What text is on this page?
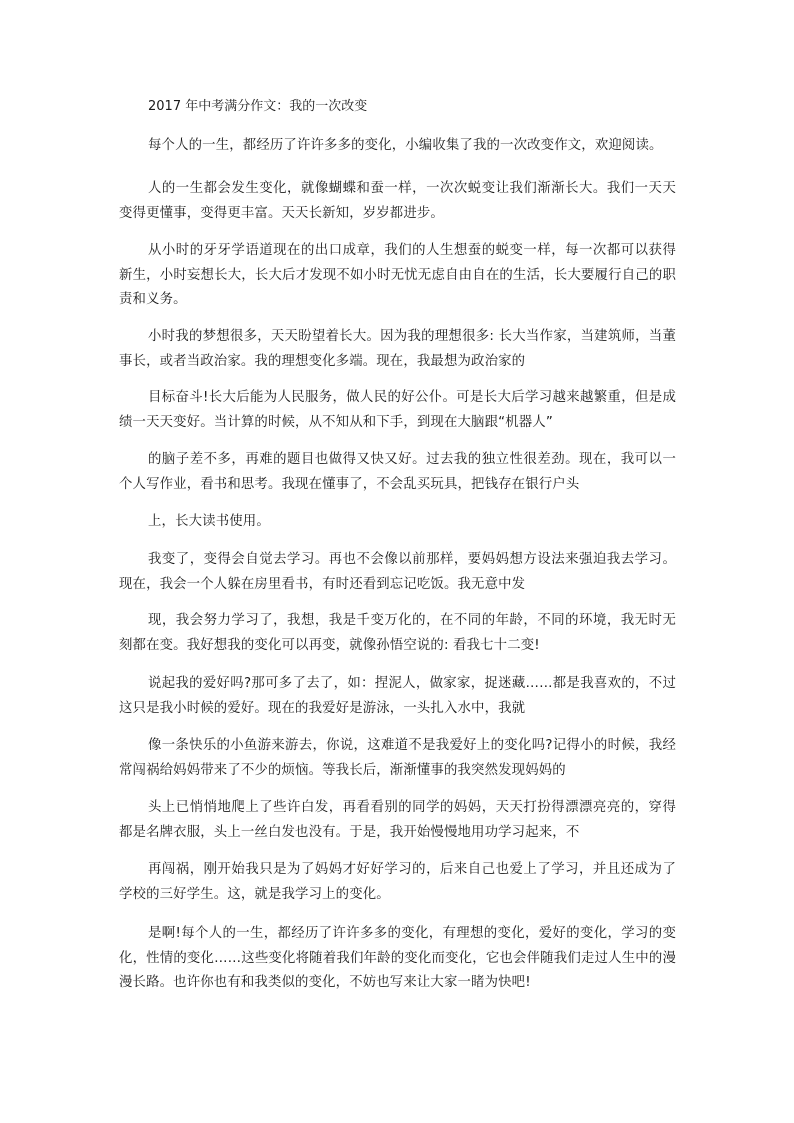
2017 年中考满分作文：我的一次改变

每个人的一生，都经历了许许多多的变化，小编收集了我的一次改变作文，欢迎阅读。

人的一生都会发生变化，就像蝴蝶和蚕一样，一次次蜕变让我们渐渐长大。我们一天天变得更懂事，变得更丰富。天天长新知，岁岁都进步。

从小时的牙牙学语道现在的出口成章，我们的人生想蚕的蜕变一样，每一次都可以获得新生，小时妄想长大，长大后才发现不如小时无忧无虑自由自在的生活，长大要履行自己的职责和义务。

小时我的梦想很多，天天盼望着长大。因为我的理想很多: 长大当作家，当建筑师，当董事长，或者当政治家。我的理想变化多端。现在，我最想为政治家的

目标奋斗!长大后能为人民服务，做人民的好公仆。可是长大后学习越来越繁重，但是成绩一天天变好。当计算的时候，从不知从和下手，到现在大脑跟“机器人”

的脑子差不多，再难的题目也做得又快又好。过去我的独立性很差劲。现在，我可以一个人写作业，看书和思考。我现在懂事了，不会乱买玩具，把钱存在银行户头

上，长大读书使用。

我变了，变得会自觉去学习。再也不会像以前那样，要妈妈想方设法来强迫我去学习。现在，我会一个人躲在房里看书，有时还看到忘记吃饭。我无意中发

现，我会努力学习了，我想，我是千变万化的，在不同的年龄，不同的环境，我无时无刻都在变。我好想我的变化可以再变，就像孙悟空说的: 看我七十二变!

说起我的爱好吗?那可多了去了，如：捏泥人，做家家，捉迷藏……都是我喜欢的，不过这只是我小时候的爱好。现在的我爱好是游泳，一头扎入水中，我就

像一条快乐的小鱼游来游去，你说，这难道不是我爱好上的变化吗?记得小的时候，我经常闯祸给妈妈带来了不少的烦恼。等我长后，渐渐懂事的我突然发现妈妈的

头上已悄悄地爬上了些许白发，再看看别的同学的妈妈，天天打扮得漂漂亮亮的，穿得都是名牌衣服，头上一丝白发也没有。于是，我开始慢慢地用功学习起来，不

再闯祸，刚开始我只是为了妈妈才好好学习的，后来自己也爱上了学习，并且还成为了学校的三好学生。这，就是我学习上的变化。

是啊!每个人的一生，都经历了许许多多的变化，有理想的变化，爱好的变化，学习的变化，性情的变化……这些变化将随着我们年龄的变化而变化，它也会伴随我们走过人生中的漫漫长路。也许你也有和我类似的变化，不妨也写来让大家一睹为快吧!
